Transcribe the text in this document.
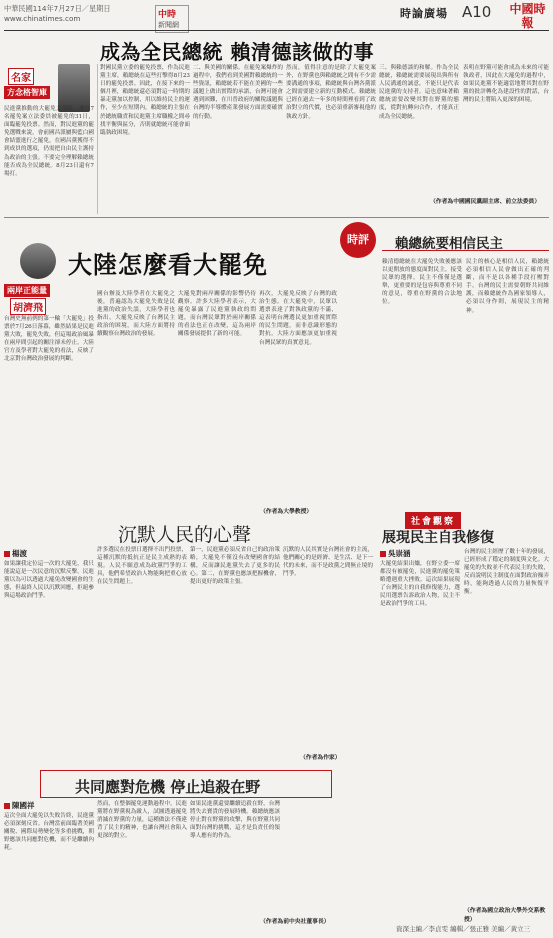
中華民國114年7月27日／星期日
www.chinatimes.com	中時
新聞網
時論廣場 A10	中國時報
成為全民總統 賴清德該做的事
名家
方念格智庫
民進黨推動的大罷免大潰敗，遭有7名罷免案立法委員被罷免的31日，面臨罷免投票。然而，對民進黨的罷免選戰來說，會前國昌派屬與藍白國會結盟進行之罷免，在國昌黨獲得不到成員的選項，仍需把自由民主護持為政治的主張。不要完全理解賴總統能否成為全民總統。8月23日還有7場打。
對國民黨立委的罷免投票，作為民進黨主席，賴總統在這些打擊得8月23日的罷免投票。因此，在接下來的一個月裡，賴總統還必須對這一時期的暴走黨加以控制，用以維持民主的運作，至少在短期內，賴總統的主張在於總統職責和民進黨主席職權之間尋找平衡與區分，否則就總統可能會面臨執政困境。
二、與美國的關係。在罷免案爆炸的過程中，我們看到美國對賴總統的一些資訊，賴總統若不能在美國的一些議題上做出實際的承諾，台灣可能會遇到困難，在川普政府的關稅議題與台灣的半導體產業發展方面需要確實的行動。
然而，值得注意的是除了大罷免案外，在野黨也與賴總統之間有不少需要溝通的事項，賴總統與台灣各黨派之間需要建立新的互動模式。賴總統已經在過去一年多的時間裡看到了政治對立的代價，也必須重新審視他的執政方針。
三、與賴德談的和解。作為全民總統，賴總統需要展現出與所有人民溝通的誠意，不能只是代表民進黨的支持者。這也意味著賴總統需要改變其對在野黨的態度，從對抗轉向合作，才能真正成為全民總統。
表明在野黨可能會成為未來的可能執政者，因此在大罷免的過程中，如果民進黨不能適當地將其對在野黨的批評轉化為建設性的對話，台灣的民主將陷入更深的困境。
（作者為中國國民黨副主席、前立法委員）
大陸怎麼看大罷免
兩岸正能量
胡濟飛
台灣史無前例的第一輪「大罷免」投票於7月26日落幕，雖然結果是民進黨大敗，罷免失敗，但這場政治風暴在兩岸間引起的關注卻未停止。大陸官方及學者對大罷免的看法，反映了北京對台灣政治發展的判斷。
國台辦及大陸學者在大罷免之後，普遍認為大罷免失敗是民進黨的政治失誤，大陸學者也指出，大罷免反映了台灣民主政治的困境，而大陸方面將持續觀察台灣政治的發展。
大罷免對兩岸關係的影響仍待觀察。許多大陸學者表示，大罷免暴露了民進黨執政的問題，而台灣民眾對於兩岸關係的看法也正在改變，這為兩岸關係發展提供了新的可能。
再次，大罷免反映了台灣的政治生態。在大罷免中，民眾以選票表達了對執政黨的不滿，這表明台灣選民更加重視實際的民生問題，而非意識形態的對抗。大陸方面應該更加重視台灣民眾的真實意見。
（作者為大學教授）
時評	賴總統要相信民主
賴清德總統在大罷免失敗後應該以更開放的態度面對民主，接受民眾的選擇。民主不僅僅是選舉，更重要的是包容與尊重不同的意見，尊重在野黨的合法地位。
民主的核心是相信人民，賴總統必須相信人民會做出正確的判斷，而不是以各種手段打壓對手。台灣的民主需要朝野共同維護，而賴總統作為國家領導人，必須以身作則，展現民主的精神。
沉默人民的心聲
楊渡
如果讓我定位這一次的大罷免，我只能說這是一次民意的沉默反擊。民進黨以為可以透過大罷免改變國會的生態，但最終人民以沉默回應，拒絕參與這場政治鬥爭。
許多選民在投票日選擇不出門投票，這種沉默的抵抗正是民主成熟的表現。人民不願意成為政黨鬥爭的工具，他們希望政治人物能夠把重心放在民生問題上。
第一，民進黨必須反省自己的政治策略，大罷免不僅沒有改變國會的結構，反而讓民進黨失去了更多的民心。第二，在野黨也應該把握機會，提出更好的政策主張。
沉默的人民其實是台灣社會的主流，他們關心的是經濟、是生活、是下一代的未來，而不是政黨之間無止境的鬥爭。
（作者為作家）
社會觀察
展現民主自我修復
吳崇涵
大罷免結果出爐，在野立委一席都沒有被罷免，民進黨的罷免策略遭遇重大挫敗。這次結果展現了台灣民主的自我修復能力，選民用選票告訴政治人物，民主不是政治鬥爭的工具。
台灣的民主經歷了數十年的發展，已經形成了穩定的制度與文化。大罷免的失敗並不代表民主的失敗，反而說明民主制度在面對政治操弄時，能夠透過人民的力量恢復平衡。
（作者為國立政治大學外交系教授）
共同應對危機 停止追殺在野
陳國祥
這次全面大罷免以失敗告終，民進黨必須深刻反省。台灣當前面臨著美國關稅、國際局勢變化等多重挑戰，朝野應該共同應對危機，而不是繼續內耗。
然而，在整個罷免運動過程中，民進黨將在野黨視為敵人，試圖透過罷免消滅在野黨的力量，這種做法不僅違背了民主的精神，也讓台灣社會陷入更深的對立。
如果民進黨還要繼續追殺在野，台灣將失去寶貴的發展時機。賴總統應該停止對在野黨的攻擊，與在野黨共同面對台灣的挑戰，這才是負責任的領導人應有的作為。
（作者為前中央社董事長）
資深主編／李貞雯 編輯／張正雅 美編／黃立三
